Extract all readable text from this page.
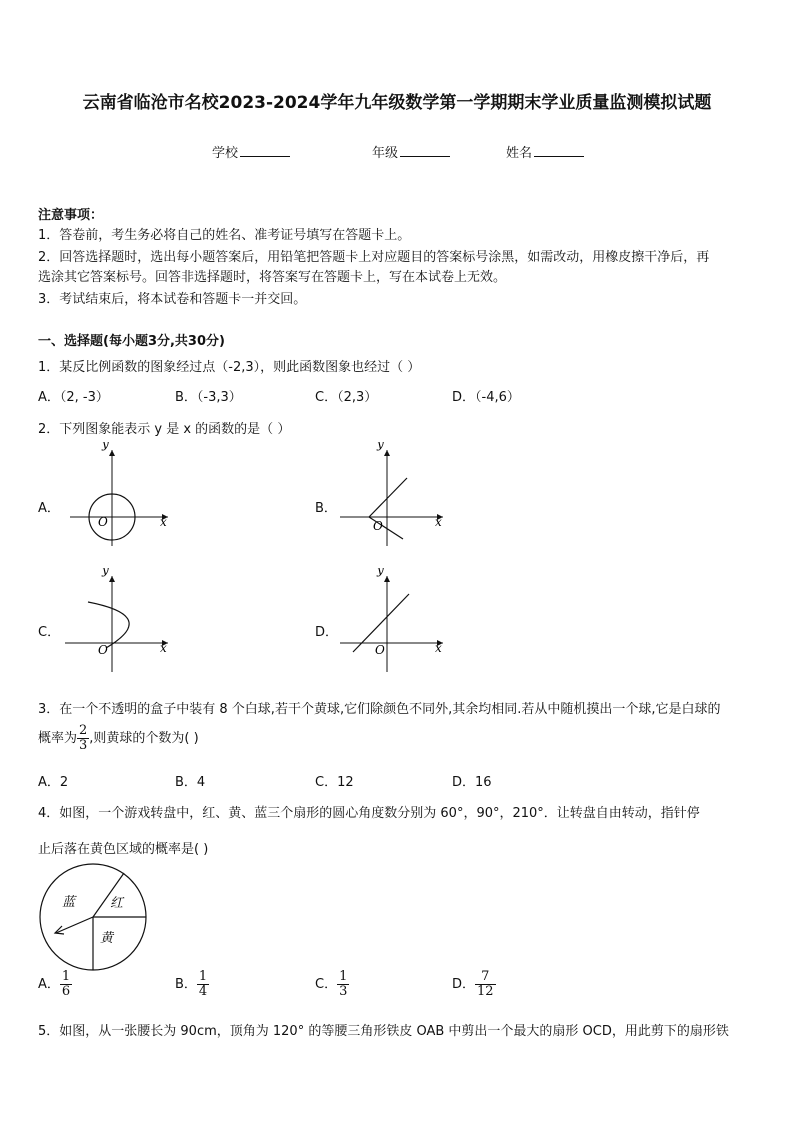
云南省临沧市名校2023-2024学年九年级数学第一学期期末学业质量监测模拟试题
学校	年级	姓名
注意事项：
1．答卷前，考生务必将自己的姓名、准考证号填写在答题卡上。
2．回答选择题时，选出每小题答案后，用铅笔把答题卡上对应题目的答案标号涂黑，如需改动，用橡皮擦干净后，再
选涂其它答案标号。回答非选择题时，将答案写在答题卡上，写在本试卷上无效。
3．考试结束后，将本试卷和答题卡一并交回。
一、选择题(每小题3分,共30分)
1．某反比例函数的图象经过点（-2,3），则此函数图象也经过（ ）
A．（2, -3）	B．（-3,3）	C．（2,3）	D．（-4,6）
2．下列图象能表示 y 是 x 的函数的是（ ）
A．
y
x
O
B．
y
x
O
C．
y
x
O
D．
y
x
O
3．在一个不透明的盒子中装有 8 个白球,若干个黄球,它们除颜色不同外,其余均相同.若从中随机摸出一个球,它是白球的
概率为 $\frac{2}{3}$ ,则黄球的个数为( )
A．2	B．4	C．12	D．16
4．如图，一个游戏转盘中，红、黄、蓝三个扇形的圆心角度数分别为 60°，90°，210°．让转盘自由转动，指针停
止后落在黄色区域的概率是( )
蓝	红
黄
A． $\frac{1}{6}$	B． $\frac{1}{4}$	C． $\frac{1}{3}$	D． $\frac{7}{12}$
5．如图，从一张腰长为 90cm，顶角为 120° 的等腰三角形铁皮 OAB 中剪出一个最大的扇形 OCD，用此剪下的扇形铁
